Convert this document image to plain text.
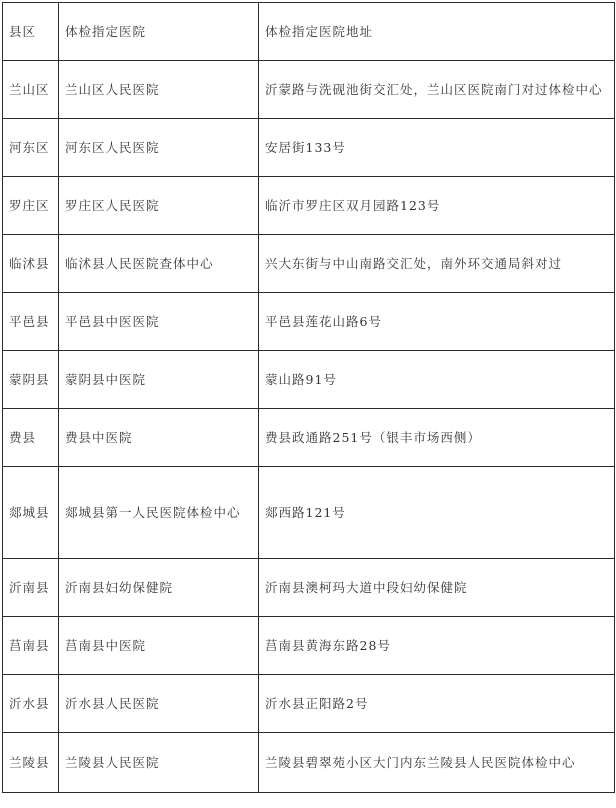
县区	体检指定医院	体检指定医院地址
兰山区	兰山区人民医院	沂蒙路与洗砚池街交汇处，兰山区医院南门对过体检中心
河东区	河东区人民医院	安居街133号
罗庄区	罗庄区人民医院	临沂市罗庄区双月园路123号
临沭县	临沭县人民医院查体中心	兴大东街与中山南路交汇处，南外环交通局斜对过
平邑县	平邑县中医医院	平邑县莲花山路6号
蒙阴县	蒙阴县中医院	蒙山路91号
费县	费县中医院	费县政通路251号（银丰市场西侧）
郯城县	郯城县第一人民医院体检中心	郯西路121号
沂南县	沂南县妇幼保健院	沂南县澳柯玛大道中段妇幼保健院
莒南县	莒南县中医院	莒南县黄海东路28号
沂水县	沂水县人民医院	沂水县正阳路2号
兰陵县	兰陵县人民医院	兰陵县碧翠苑小区大门内东兰陵县人民医院体检中心
